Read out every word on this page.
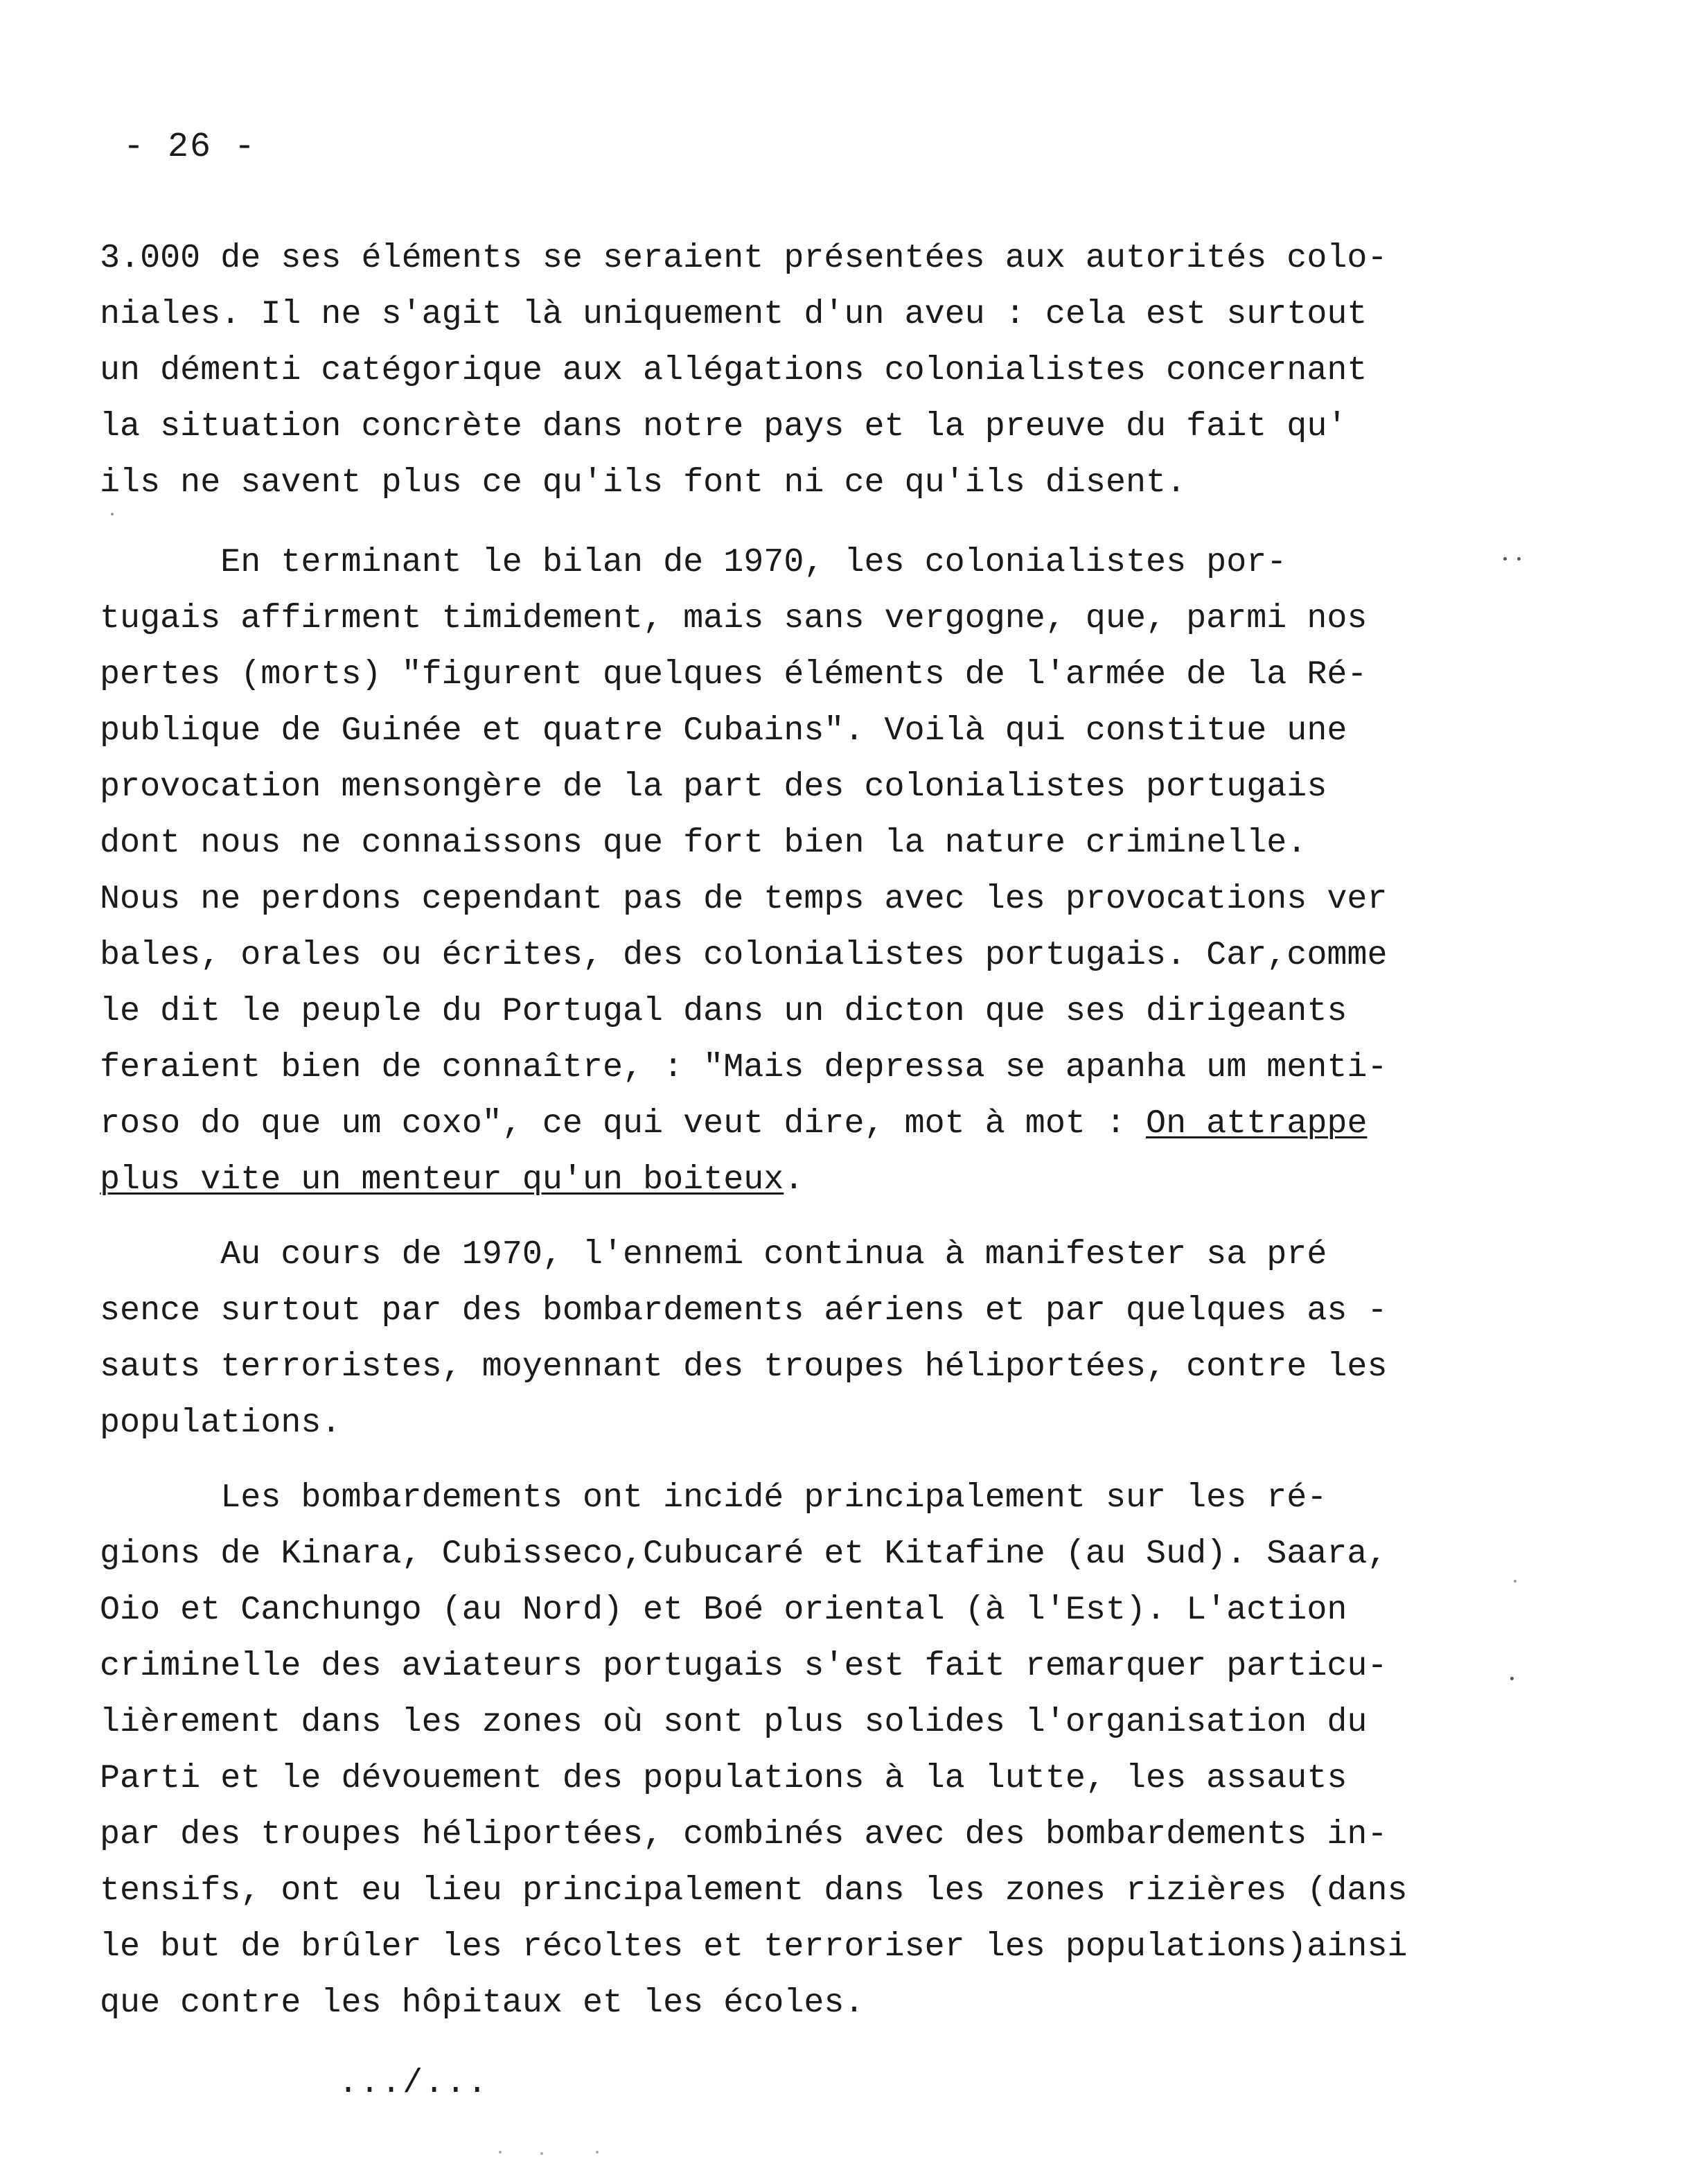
- 26 -
3.000 de ses éléments se seraient présentées aux autorités colo-
niales. Il ne s'agit là uniquement d'un aveu : cela est surtout
un démenti catégorique aux allégations colonialistes concernant
la situation concrète dans notre pays et la preuve du fait qu'
ils ne savent plus ce qu'ils font ni ce qu'ils disent.
En terminant le bilan de 1970, les colonialistes por-
tugais affirment timidement, mais sans vergogne, que, parmi nos
pertes (morts) "figurent quelques éléments de l'armée de la Ré-
publique de Guinée et quatre Cubains". Voilà qui constitue une
provocation mensongère de la part des colonialistes portugais
dont nous ne connaissons que fort bien la nature criminelle.
Nous ne perdons cependant pas de temps avec les provocations ver
bales, orales ou écrites, des colonialistes portugais. Car,comme
le dit le peuple du Portugal dans un dicton que ses dirigeants
feraient bien de connaître, : "Mais depressa se apanha um menti-
roso do que um coxo", ce qui veut dire, mot à mot : On attrappe
plus vite un menteur qu'un boiteux.
Au cours de 1970, l'ennemi continua à manifester sa pré
sence surtout par des bombardements aériens et par quelques as -
sauts terroristes, moyennant des troupes héliportées, contre les
populations.
Les bombardements ont incidé principalement sur les ré-
gions de Kinara, Cubisseco,Cubucaré et Kitafine (au Sud). Saara,
Oio et Canchungo (au Nord) et Boé oriental (à l'Est). L'action
criminelle des aviateurs portugais s'est fait remarquer particu-
lièrement dans les zones où sont plus solides l'organisation du
Parti et le dévouement des populations à la lutte, les assauts
par des troupes héliportées, combinés avec des bombardements in-
tensifs, ont eu lieu principalement dans les zones rizières (dans
le but de brûler les récoltes et terroriser les populations)ainsi
que contre les hôpitaux et les écoles.
.../...
